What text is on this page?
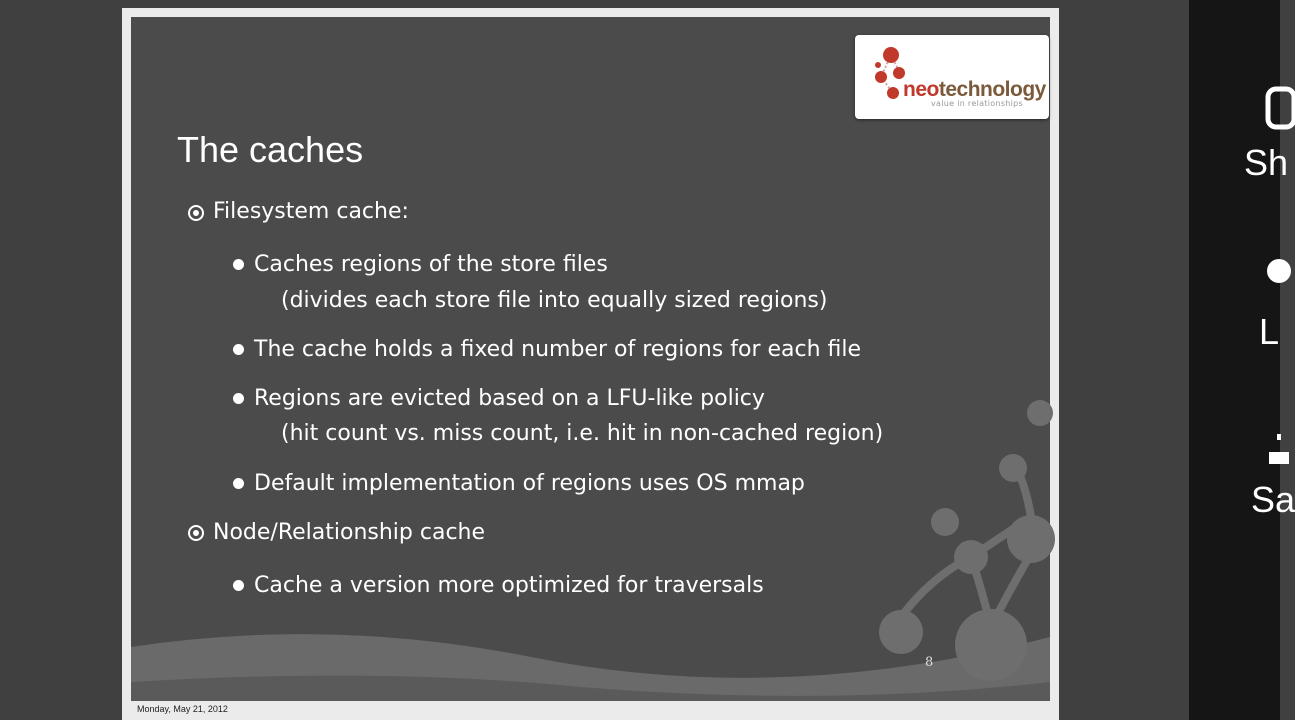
neotechnology
value in relationships
The caches
Filesystem cache:
Caches regions of the store files
(divides each store file into equally sized regions)
The cache holds a fixed number of regions for each file
Regions are evicted based on a LFU-like policy
(hit count vs. miss count, i.e. hit in non-cached region)
Default implementation of regions uses OS mmap
Node/Relationship cache
Cache a version more optimized for traversals
8
Monday, May 21, 2012
Sh
L
Sa
